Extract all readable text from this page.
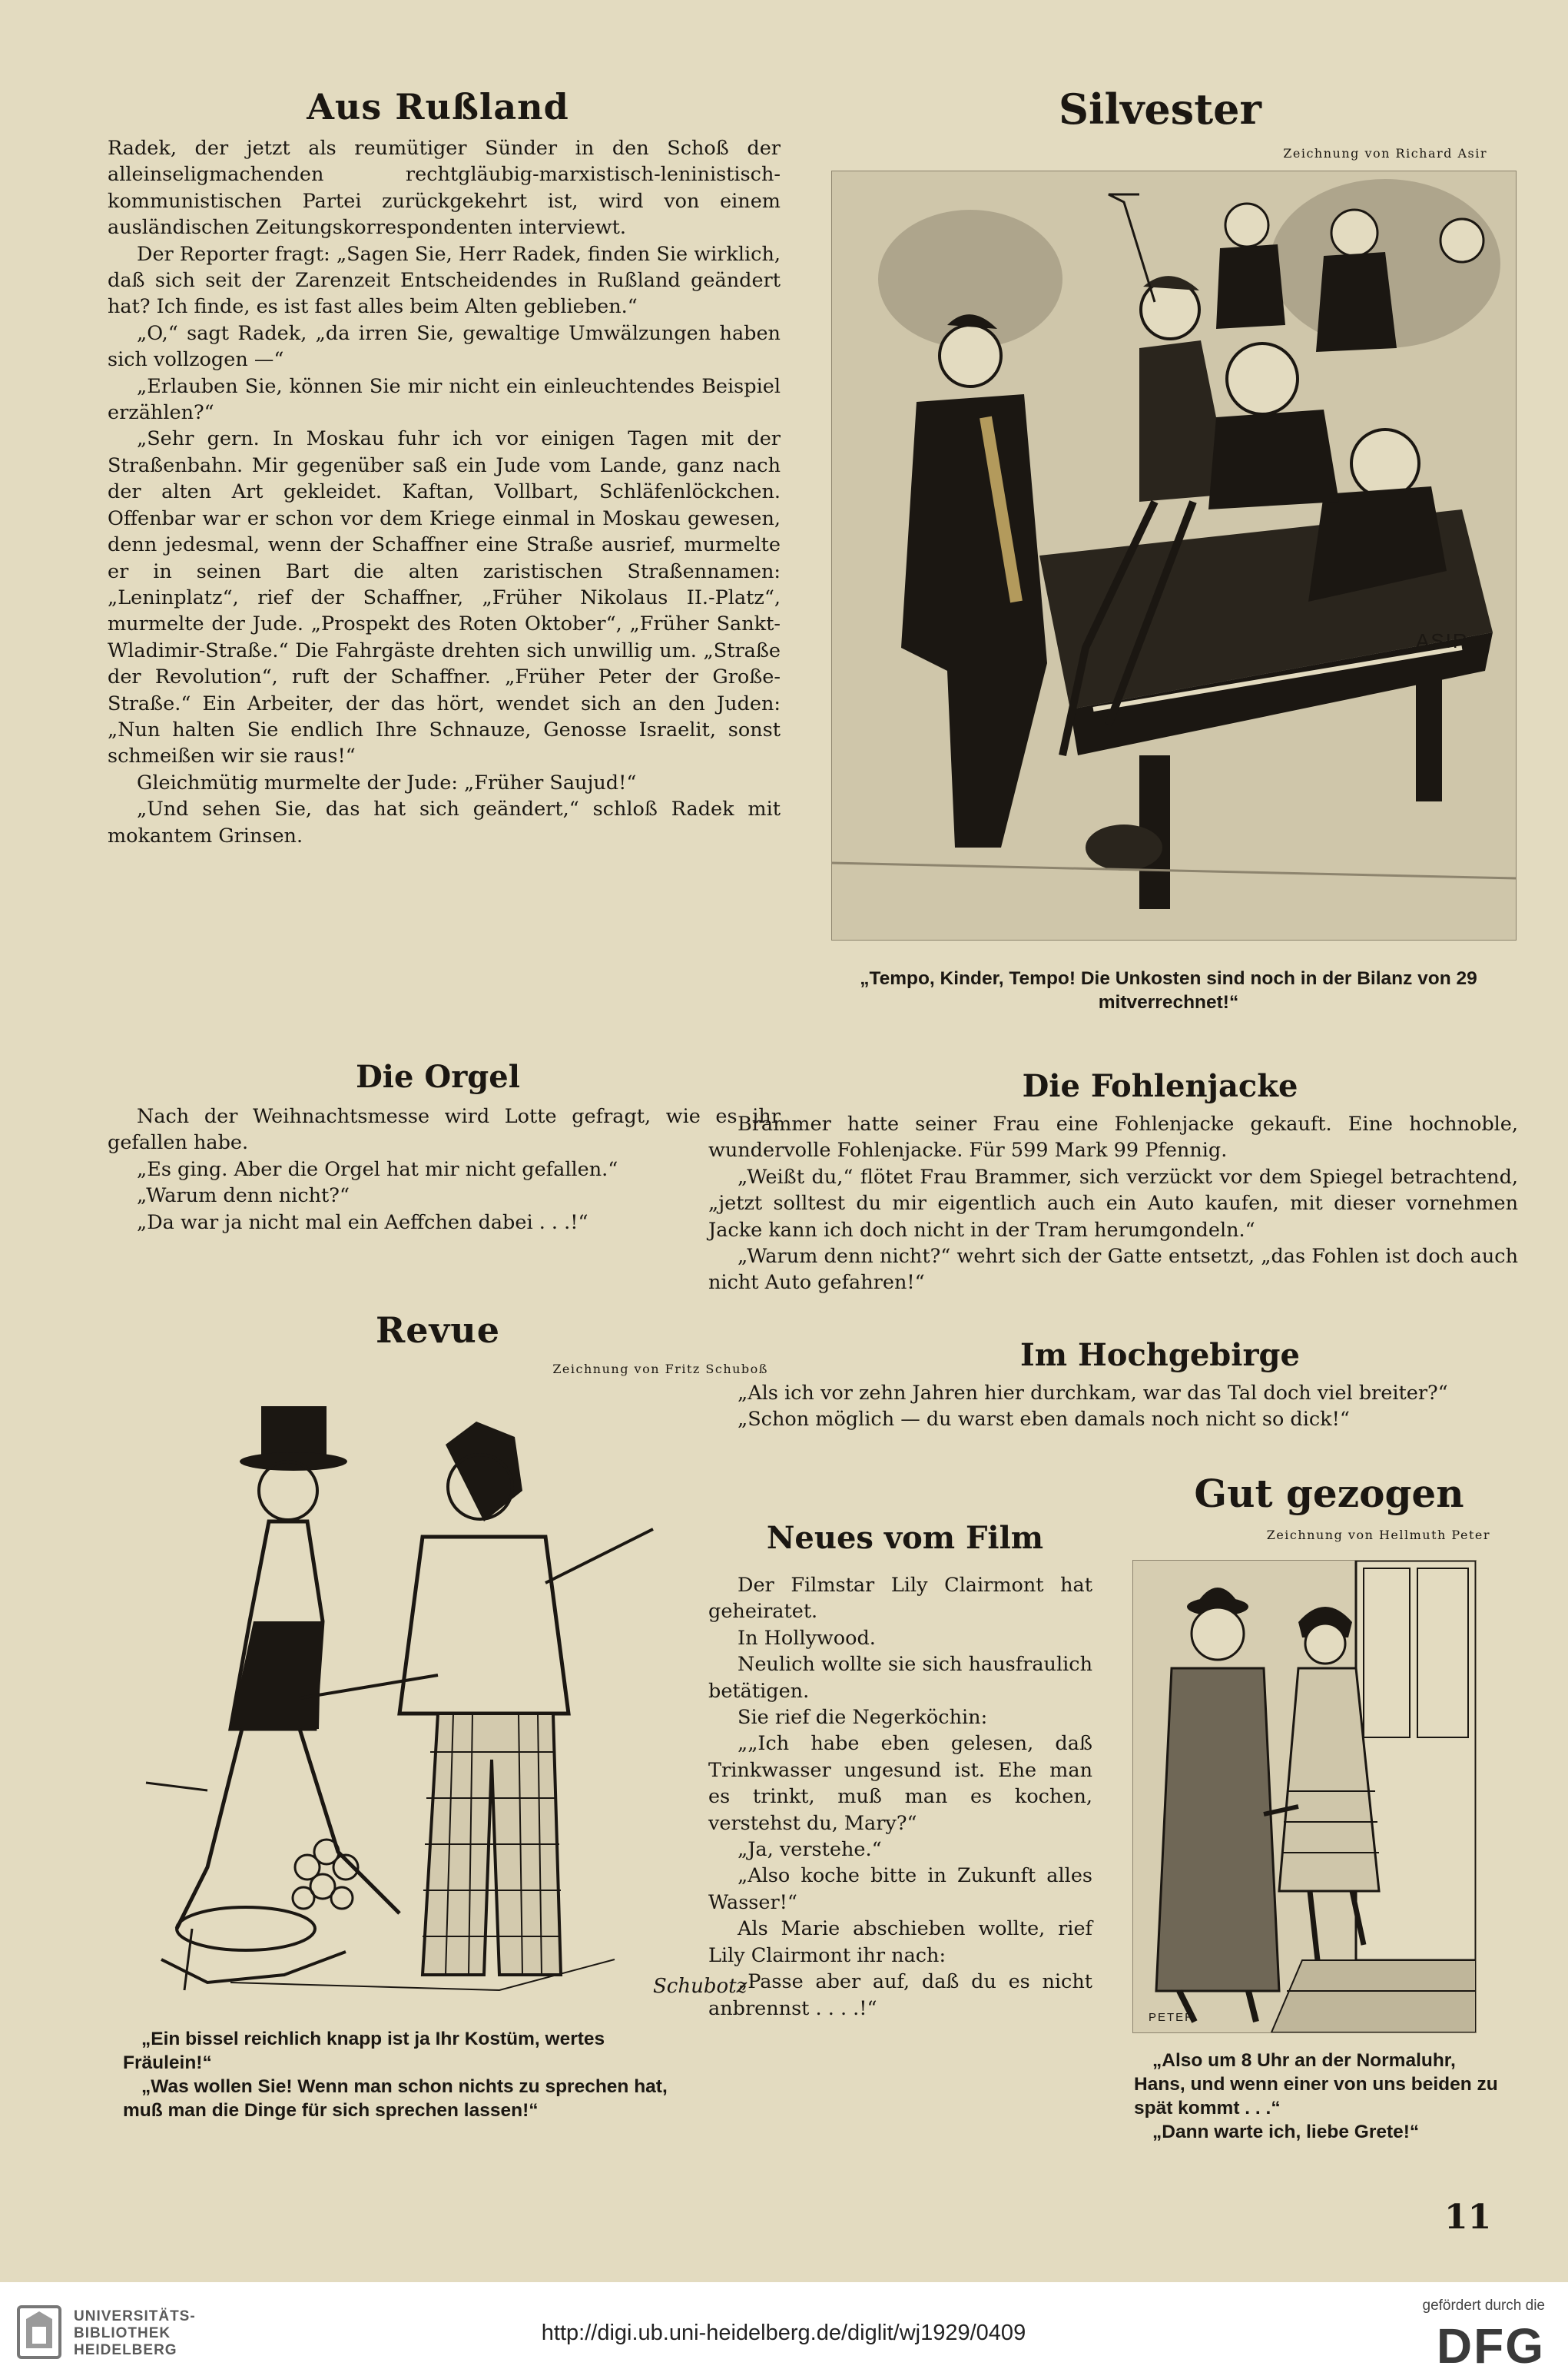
Aus Rußland

Radek, der jetzt als reumütiger Sünder in den Schoß der alleinseligmachenden rechtgläubig-marxistisch-leninistisch-kommunistischen Partei zurückgekehrt ist, wird von einem ausländischen Zeitungskorrespondenten interviewt.

Der Reporter fragt: „Sagen Sie, Herr Radek, finden Sie wirklich, daß sich seit der Zarenzeit Entscheidendes in Rußland geändert hat? Ich finde, es ist fast alles beim Alten geblieben.“

„O,“ sagt Radek, „da irren Sie, gewaltige Umwälzungen haben sich vollzogen —“

„Erlauben Sie, können Sie mir nicht ein einleuchtendes Beispiel erzählen?“

„Sehr gern. In Moskau fuhr ich vor einigen Tagen mit der Straßenbahn. Mir gegenüber saß ein Jude vom Lande, ganz nach der alten Art gekleidet. Kaftan, Vollbart, Schläfenlöckchen. Offenbar war er schon vor dem Kriege einmal in Moskau gewesen, denn jedesmal, wenn der Schaffner eine Straße ausrief, murmelte er in seinen Bart die alten zaristischen Straßennamen: „Leninplatz“, rief der Schaffner, „Früher Nikolaus II.-Platz“, murmelte der Jude. „Prospekt des Roten Oktober“, „Früher Sankt-Wladimir-Straße.“ Die Fahrgäste drehten sich unwillig um. „Straße der Revolution“, ruft der Schaffner. „Früher Peter der Große-Straße.“ Ein Arbeiter, der das hört, wendet sich an den Juden: „Nun halten Sie endlich Ihre Schnauze, Genosse Israelit, sonst schmeißen wir sie raus!“

Gleichmütig murmelte der Jude: „Früher Saujud!“

„Und sehen Sie, das hat sich geändert,“ schloß Radek mit mokantem Grinsen.

Die Orgel

Nach der Weihnachtsmesse wird Lotte gefragt, wie es ihr gefallen habe.

„Es ging. Aber die Orgel hat mir nicht gefallen.“

„Warum denn nicht?“

„Da war ja nicht mal ein Aeffchen dabei . . .!“

Revue

Zeichnung von Fritz Schuboß

Schubotz

„Ein bissel reichlich knapp ist ja Ihr Kostüm, wertes Fräulein!“

„Was wollen Sie! Wenn man schon nichts zu sprechen hat, muß man die Dinge für sich sprechen lassen!“

Silvester

Zeichnung von Richard Asir

ASIR

„Tempo, Kinder, Tempo! Die Unkosten sind noch in der Bilanz von 29 mitverrechnet!“

Die Fohlenjacke

Brammer hatte seiner Frau eine Fohlenjacke gekauft. Eine hochnoble, wundervolle Fohlenjacke. Für 599 Mark 99 Pfennig.

„Weißt du,“ flötet Frau Brammer, sich verzückt vor dem Spiegel betrachtend, „jetzt solltest du mir eigentlich auch ein Auto kaufen, mit dieser vornehmen Jacke kann ich doch nicht in der Tram herumgondeln.“

„Warum denn nicht?“ wehrt sich der Gatte entsetzt, „das Fohlen ist doch auch nicht Auto gefahren!“

Im Hochgebirge

„Als ich vor zehn Jahren hier durchkam, war das Tal doch viel breiter?“

„Schon möglich — du warst eben damals noch nicht so dick!“

Neues vom Film

Der Filmstar Lily Clairmont hat geheiratet.

In Hollywood.

Neulich wollte sie sich hausfraulich betätigen.

Sie rief die Negerköchin:

„„Ich habe eben gelesen, daß Trinkwasser ungesund ist. Ehe man es trinkt, muß man es kochen, verstehst du, Mary?“

„Ja, verstehe.“

„Also koche bitte in Zukunft alles Wasser!“

Als Marie abschieben wollte, rief Lily Clairmont ihr nach:

„Passe aber auf, daß du es nicht anbrennst . . . .!“

Gut gezogen

Zeichnung von Hellmuth Peter

PETER

„Also um 8 Uhr an der Normaluhr, Hans, und wenn einer von uns beiden zu spät kommt . . .“

„Dann warte ich, liebe Grete!“

11
UNIVERSITÄTS-
BIBLIOTHEK
HEIDELBERG
http://digi.ub.uni-heidelberg.de/diglit/wj1929/0409
gefördert durch die
DFG
